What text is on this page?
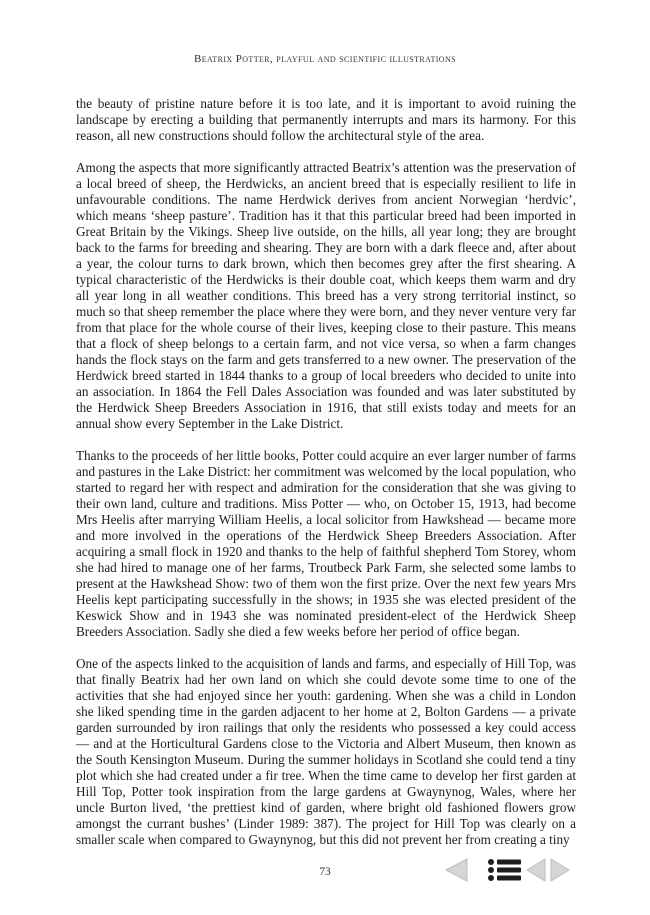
Beatrix Potter, playful and scientific illustrations

the beauty of pristine nature before it is too late, and it is important to avoid ruining the landscape by erecting a building that permanently interrupts and mars its harmony. For this reason, all new constructions should follow the architectural style of the area.

Among the aspects that more significantly attracted Beatrix’s attention was the preservation of a local breed of sheep, the Herdwicks, an ancient breed that is especially resilient to life in unfavourable conditions. The name Herdwick derives from ancient Norwegian ‘herdvic’, which means ‘sheep pasture’. Tradition has it that this particular breed had been imported in Great Britain by the Vikings. Sheep live outside, on the hills, all year long; they are brought back to the farms for breeding and shearing. They are born with a dark fleece and, after about a year, the colour turns to dark brown, which then becomes grey after the first shearing. A typical characteristic of the Herdwicks is their double coat, which keeps them warm and dry all year long in all weather conditions. This breed has a very strong territorial instinct, so much so that sheep remember the place where they were born, and they never venture very far from that place for the whole course of their lives, keeping close to their pasture. This means that a flock of sheep belongs to a certain farm, and not vice versa, so when a farm changes hands the flock stays on the farm and gets transferred to a new owner. The preservation of the Herdwick breed started in 1844 thanks to a group of local breeders who decided to unite into an association. In 1864 the Fell Dales Association was founded and was later substituted by the Herdwick Sheep Breeders Association in 1916, that still exists today and meets for an annual show every September in the Lake District.

Thanks to the proceeds of her little books, Potter could acquire an ever larger number of farms and pastures in the Lake District: her commitment was welcomed by the local population, who started to regard her with respect and admiration for the consideration that she was giving to their own land, culture and traditions. Miss Potter — who, on October 15, 1913, had become Mrs Heelis after marrying William Heelis, a local solicitor from Hawkshead — became more and more involved in the operations of the Herdwick Sheep Breeders Association. After acquiring a small flock in 1920 and thanks to the help of faithful shepherd Tom Storey, whom she had hired to manage one of her farms, Troutbeck Park Farm, she selected some lambs to present at the Hawkshead Show: two of them won the first prize. Over the next few years Mrs Heelis kept participating successfully in the shows; in 1935 she was elected president of the Keswick Show and in 1943 she was nominated president-elect of the Herdwick Sheep Breeders Association. Sadly she died a few weeks before her period of office began.

One of the aspects linked to the acquisition of lands and farms, and especially of Hill Top, was that finally Beatrix had her own land on which she could devote some time to one of the activities that she had enjoyed since her youth: gardening. When she was a child in London she liked spending time in the garden adjacent to her home at 2, Bolton Gardens — a private garden surrounded by iron railings that only the residents who possessed a key could access — and at the Horticultural Gardens close to the Victoria and Albert Museum, then known as the South Kensington Museum. During the summer holidays in Scotland she could tend a tiny plot which she had created under a fir tree. When the time came to develop her first garden at Hill Top, Potter took inspiration from the large gardens at Gwaynynog, Wales, where her uncle Burton lived, ‘the prettiest kind of garden, where bright old fashioned flowers grow amongst the currant bushes’ (Linder 1989: 387). The project for Hill Top was clearly on a smaller scale when compared to Gwaynynog, but this did not prevent her from creating a tiny

73
